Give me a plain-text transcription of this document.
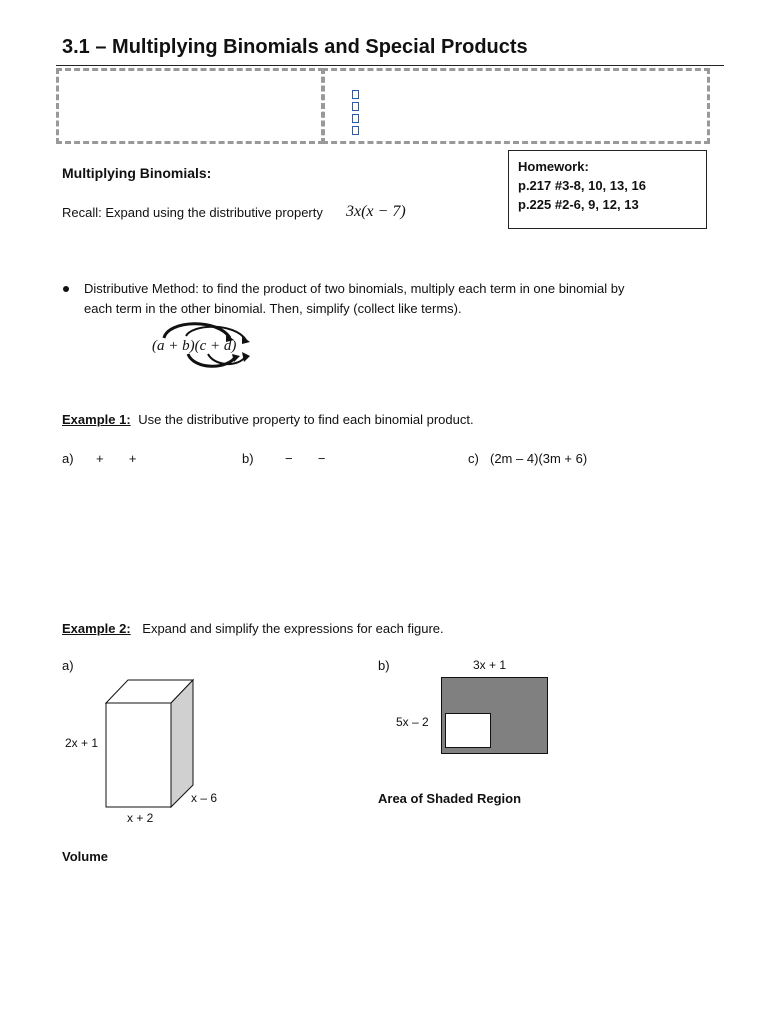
3.1 – Multiplying Binomials and Special Products
Homework:
p.217 #3-8, 10, 13, 16
p.225 #2-6, 9, 12, 13
Multiplying Binomials:
Recall: Expand using the distributive property 3x(x − 7)
Distributive Method: to find the product of two binomials, multiply each term in one binomial by
each term in the other binomial. Then, simplify (collect like terms).
(a + b)(c + d)
Example 1: Use the distributive property to find each binomial product.
a) +       +	b) −       −	c) (2m – 4)(3m + 6)
Example 2: Expand and simplify the expressions for each figure.
a)
2x + 1
x – 6
x + 2
Volume
b)	3x + 1
5x – 2
Area of Shaded Region
